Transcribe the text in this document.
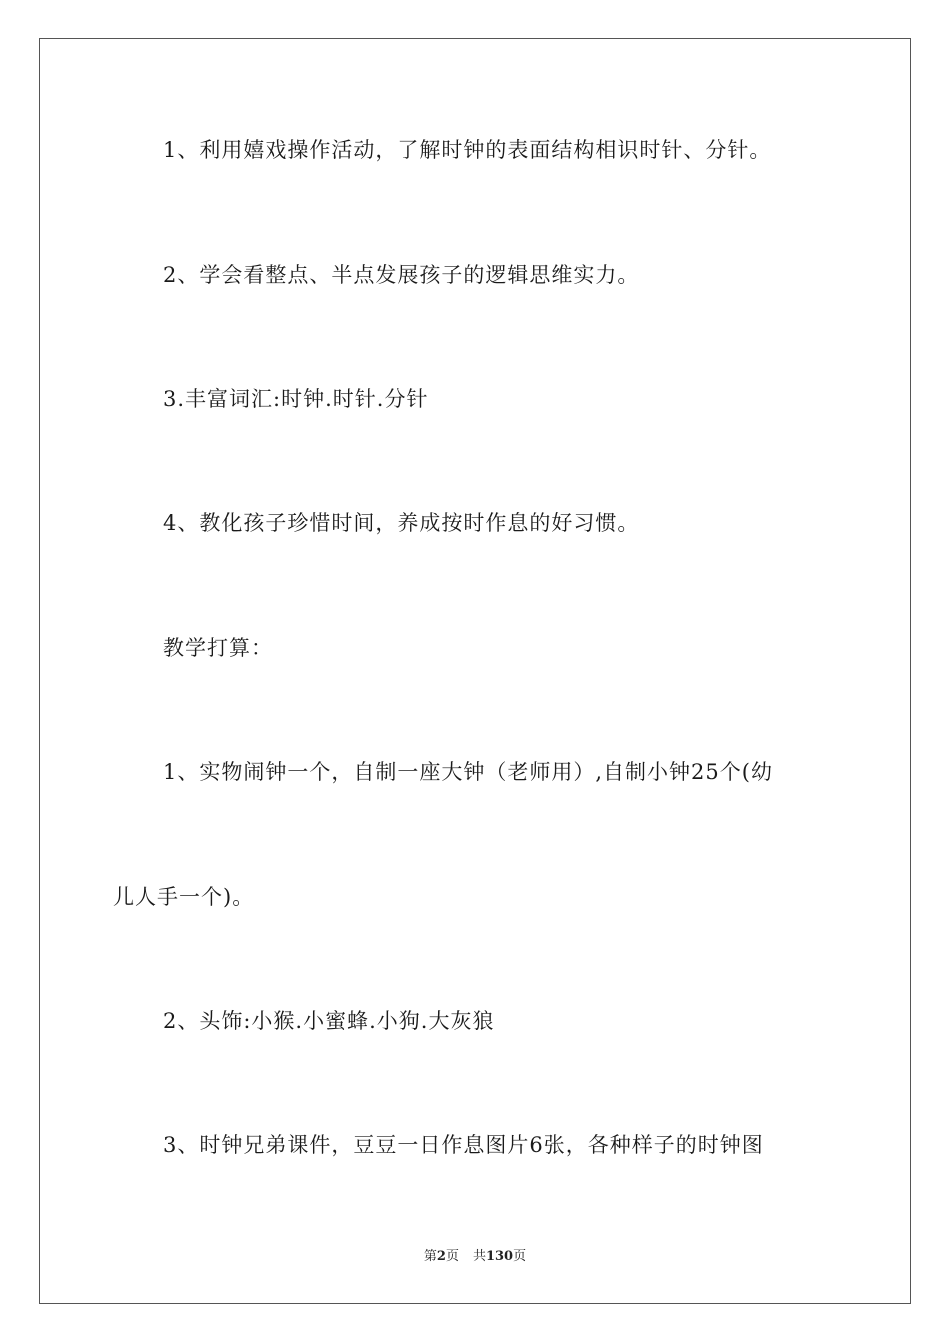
1、利用嬉戏操作活动，了解时钟的表面结构相识时针、分针。
2、学会看整点、半点发展孩子的逻辑思维实力。
3.丰富词汇:时钟.时针.分针
4、教化孩子珍惜时间，养成按时作息的好习惯。
教学打算：
1、实物闹钟一个，自制一座大钟（老师用）,自制小钟25个(幼
儿人手一个)。
2、头饰:小猴.小蜜蜂.小狗.大灰狼
3、时钟兄弟课件，豆豆一日作息图片6张，各种样子的时钟图
第2页 共130页
